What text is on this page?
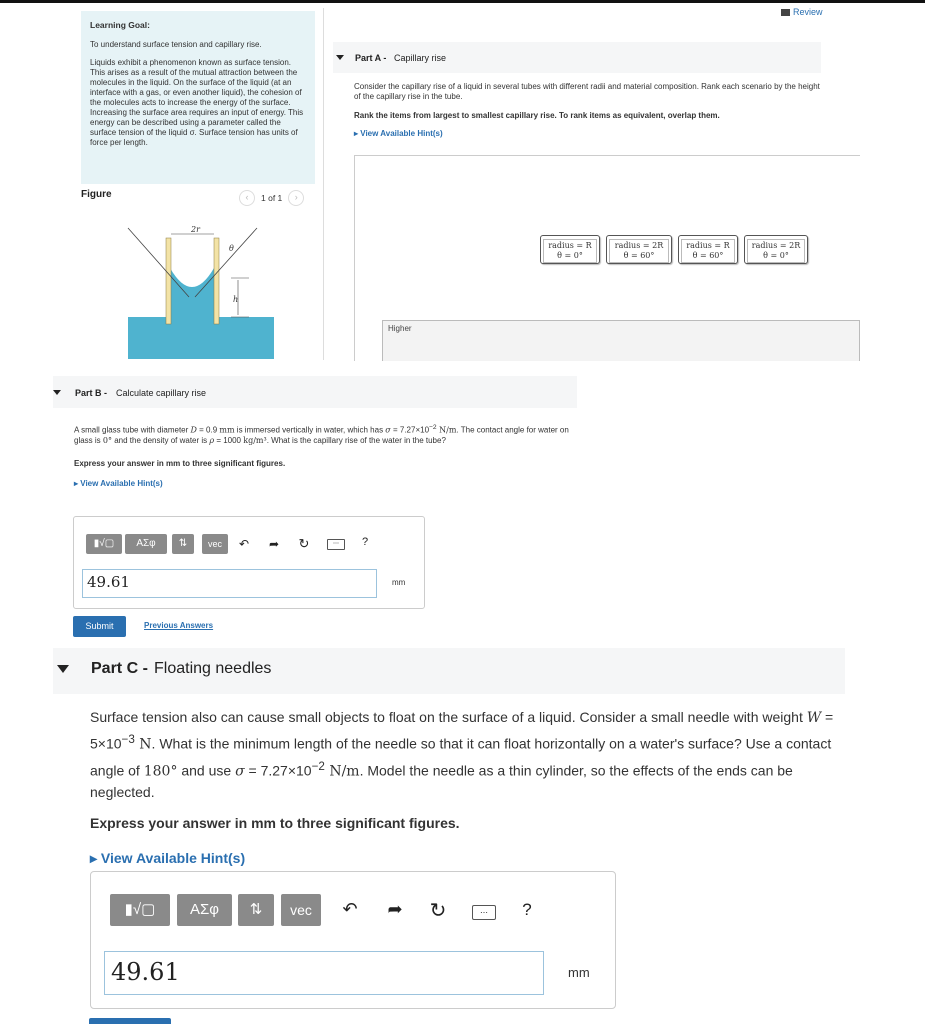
Review
Learning Goal:
To understand surface tension and capillary rise.
Liquids exhibit a phenomenon known as surface tension. This arises as a result of the mutual attraction between the molecules in the liquid. On the surface of the liquid (at an interface with a gas, or even another liquid), the cohesion of the molecules acts to increase the energy of the surface. Increasing the surface area requires an input of energy. This energy can be described using a parameter called the surface tension of the liquid σ. Surface tension has units of force per length.
Figure	‹	1 of 1	›
2r
θ
h
Part A - Capillary rise
Consider the capillary rise of a liquid in several tubes with different radii and material composition. Rank each scenario by the height of the capillary rise in the tube.
Rank the items from largest to smallest capillary rise. To rank items as equivalent, overlap them.
▸ View Available Hint(s)
radius = R
θ = 0°
radius = 2R
θ = 60°
radius = R
θ = 60°
radius = 2R
θ = 0°
Higher
Part B - Calculate capillary rise
A small glass tube with diameter D = 0.9 mm is immersed vertically in water, which has $\sigma = 7.27\times 10^{-2}$ N/m. The contact angle for water on glass is 0° and the density of water is ρ = 1000 kg/m³. What is the capillary rise of the water in the tube?
Express your answer in mm to three significant figures.
▸ View Available Hint(s)
▮√▢	ΑΣφ	⇅	vec	↶ ➦ ↻	⋯	?
49.61	mm
Submit	Previous Answers
Part C - Floating needles
Surface tension also can cause small objects to float on the surface of a liquid. Consider a small needle with weight $W = 5\times 10^{-3}$ N. What is the minimum length of the needle so that it can float horizontally on a water's surface? Use a contact angle of 180° and use $\sigma = 7.27\times 10^{-2}$ N/m. Model the needle as a thin cylinder, so the effects of the ends can be neglected.
Express your answer in mm to three significant figures.
▸ View Available Hint(s)
▮√▢	ΑΣφ	⇅	vec	↶ ➦ ↻	⋯	?
49.61	mm
